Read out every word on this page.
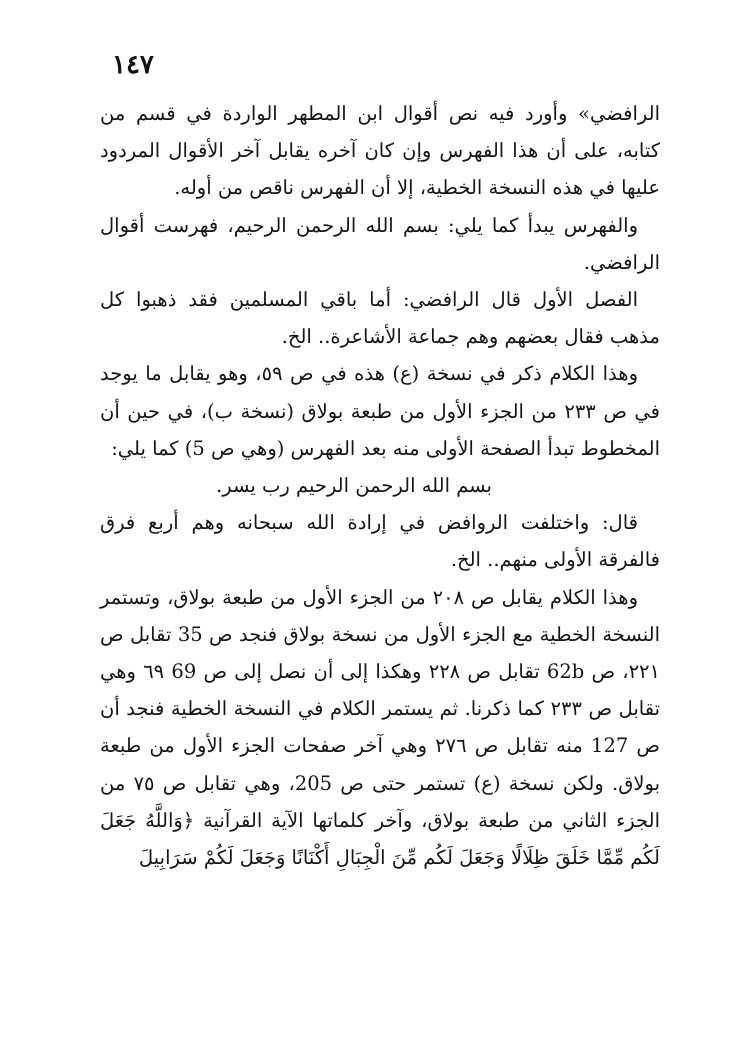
١٤٧

الرافضي» وأورد فيه نص أقوال ابن المطهر الواردة في قسم من كتابه، على أن هذا الفهرس وإن كان آخره يقابل آخر الأقوال المردود عليها في هذه النسخة الخطية، إلا أن الفهرس ناقص من أوله.

والفهرس يبدأ كما يلي: بسم الله الرحمن الرحيم، فهرست أقوال الرافضي.

الفصل الأول قال الرافضي: أما باقي المسلمين فقد ذهبوا كل مذهب فقال بعضهم وهم جماعة الأشاعرة.. الخ.

وهذا الكلام ذكر في نسخة (ع) هذه في ص ٥٩، وهو يقابل ما يوجد في ص ٢٣٣ من الجزء الأول من طبعة بولاق (نسخة ب)، في حين أن المخطوط تبدأ الصفحة الأولى منه بعد الفهرس (وهي ص 5) كما يلي:

بسم الله الرحمن الرحيم رب يسر.

قال: واختلفت الروافض في إرادة الله سبحانه وهم أربع فرق فالفرقة الأولى منهم.. الخ.

وهذا الكلام يقابل ص ٢٠٨ من الجزء الأول من طبعة بولاق، وتستمر النسخة الخطية مع الجزء الأول من نسخة بولاق فنجد ص 35 تقابل ص ٢٢١، ص 62b تقابل ص ٢٢٨ وهكذا إلى أن نصل إلى ص 69 ٦٩ وهي تقابل ص ٢٣٣ كما ذكرنا. ثم يستمر الكلام في النسخة الخطية فنجد أن ص 127 منه تقابل ص ٢٧٦ وهي آخر صفحات الجزء الأول من طبعة بولاق. ولكن نسخة (ع) تستمر حتى ص 205، وهي تقابل ص ٧٥ من الجزء الثاني من طبعة بولاق، وآخر كلماتها الآية القرآنية ﴿وَاللَّهُ جَعَلَ لَكُم مِّمَّا خَلَقَ ظِلَالًا وَجَعَلَ لَكُم مِّنَ الْجِبَالِ أَكْنَانًا وَجَعَلَ لَكُمْ سَرَابِيلَ
